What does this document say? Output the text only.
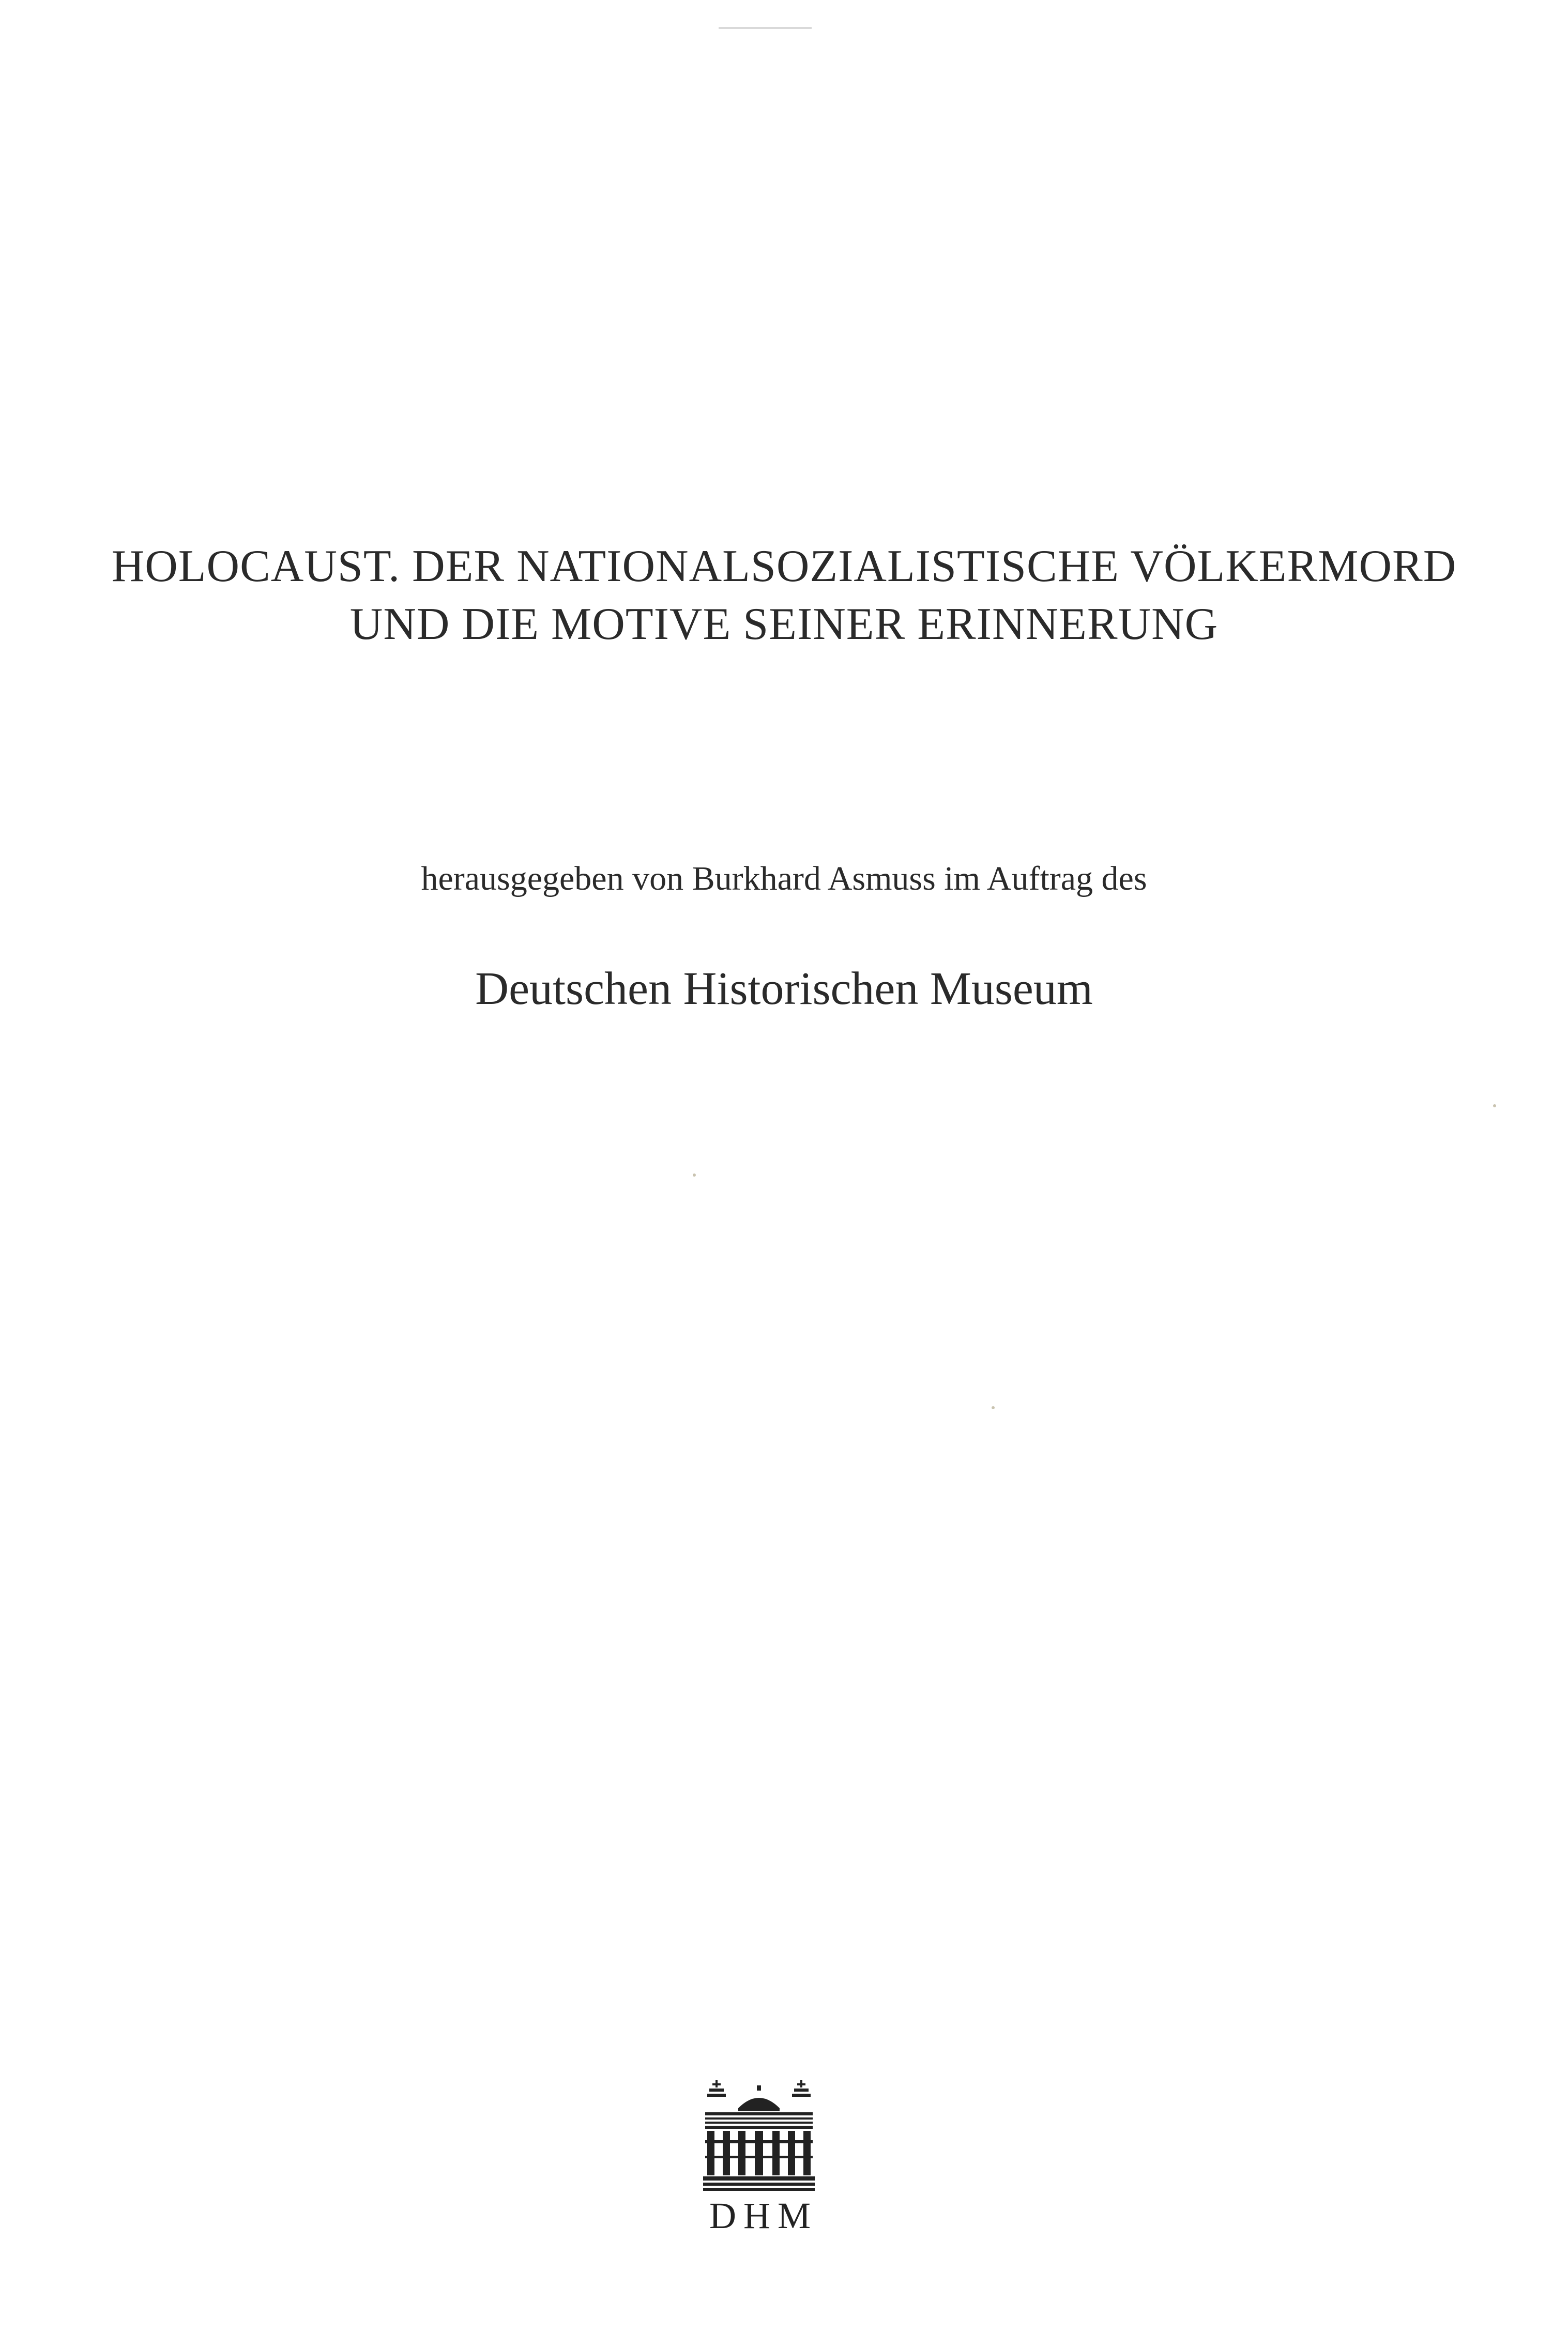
HOLOCAUST. DER NATIONALSOZIALISTISCHE VÖLKERMORD
UND DIE MOTIVE SEINER ERINNERUNG
herausgegeben von Burkhard Asmuss im Auftrag des
Deutschen Historischen Museum
DHM
